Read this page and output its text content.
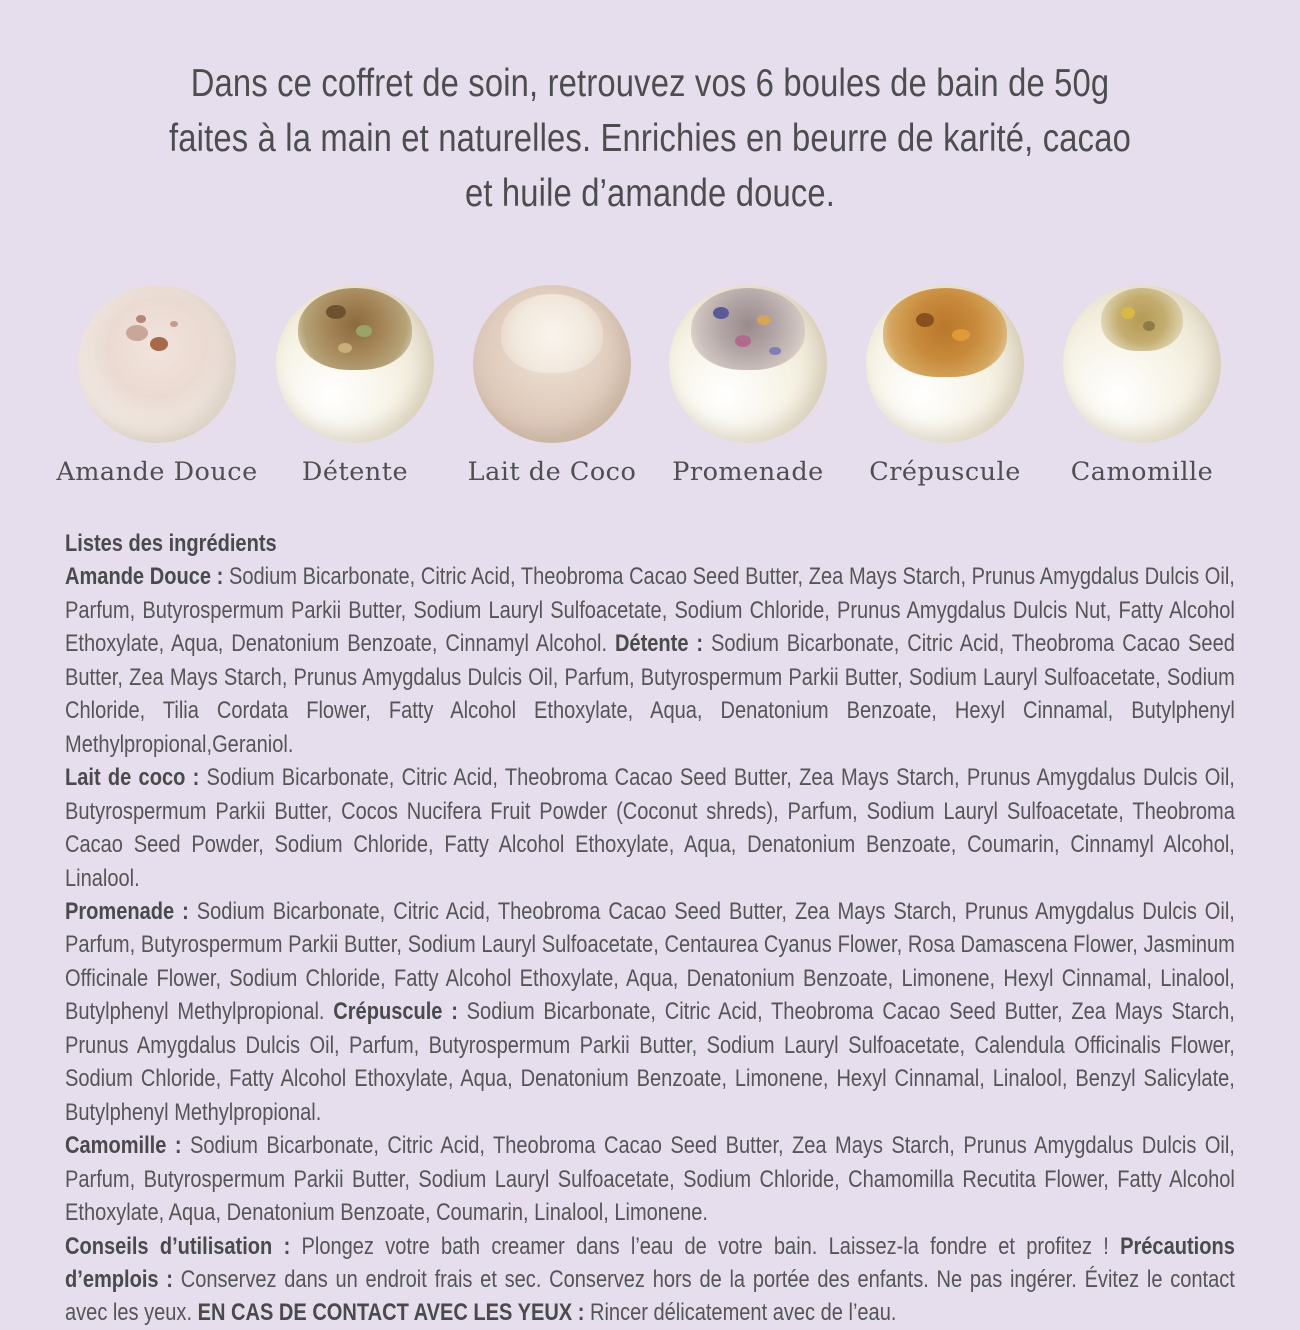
Dans ce coffret de soin, retrouvez vos 6 boules de bain de 50g
faites à la main et naturelles. Enrichies en beurre de karité, cacao
et huile d’amande douce.
Amande Douce	Détente	Lait de Coco	Promenade	Crépuscule	Camomille
Listes des ingrédients

Amande Douce : Sodium Bicarbonate, Citric Acid, Theobroma Cacao Seed Butter, Zea Mays Starch, Prunus Amygdalus Dulcis Oil, Parfum, Butyrospermum Parkii Butter, Sodium Lauryl Sulfoacetate, Sodium Chloride, Prunus Amygdalus Dulcis Nut, Fatty Alcohol Ethoxylate, Aqua, Denatonium Benzoate, Cinnamyl Alcohol. Détente : Sodium Bicarbonate, Citric Acid, Theobroma Cacao Seed Butter, Zea Mays Starch, Prunus Amygdalus Dulcis Oil, Parfum, Butyrospermum Parkii Butter, Sodium Lauryl Sulfoacetate, Sodium Chloride, Tilia Cordata Flower, Fatty Alcohol Ethoxylate, Aqua, Denatonium Benzoate, Hexyl Cinnamal, Butylphenyl Methylpropional,Geraniol.
Lait de coco : Sodium Bicarbonate, Citric Acid, Theobroma Cacao Seed Butter, Zea Mays Starch, Prunus Amygdalus Dulcis Oil, Butyrospermum Parkii Butter, Cocos Nucifera Fruit Powder (Coconut shreds), Parfum, Sodium Lauryl Sulfoacetate, Theobroma Cacao Seed Powder, Sodium Chloride, Fatty Alcohol Ethoxylate, Aqua, Denatonium Benzoate, Coumarin, Cinnamyl Alcohol, Linalool.
Promenade : Sodium Bicarbonate, Citric Acid, Theobroma Cacao Seed Butter, Zea Mays Starch, Prunus Amygdalus Dulcis Oil, Parfum, Butyrospermum Parkii Butter, Sodium Lauryl Sulfoacetate, Centaurea Cyanus Flower, Rosa Damascena Flower, Jasminum Officinale Flower, Sodium Chloride, Fatty Alcohol Ethoxylate, Aqua, Denatonium Benzoate, Limonene, Hexyl Cinnamal, Linalool, Butylphenyl Methylpropional. Crépuscule : Sodium Bicarbonate, Citric Acid, Theobroma Cacao Seed Butter, Zea Mays Starch, Prunus Amygdalus Dulcis Oil, Parfum, Butyrospermum Parkii Butter, Sodium Lauryl Sulfoacetate, Calendula Officinalis Flower, Sodium Chloride, Fatty Alcohol Ethoxylate, Aqua, Denatonium Benzoate, Limonene, Hexyl Cinnamal, Linalool, Benzyl Salicylate, Butylphenyl Methylpropional.
Camomille : Sodium Bicarbonate, Citric Acid, Theobroma Cacao Seed Butter, Zea Mays Starch, Prunus Amygdalus Dulcis Oil, Parfum, Butyrospermum Parkii Butter, Sodium Lauryl Sulfoacetate, Sodium Chloride, Chamomilla Recutita Flower, Fatty Alcohol Ethoxylate, Aqua, Denatonium Benzoate, Coumarin, Linalool, Limonene.

Conseils d’utilisation : Plongez votre bath creamer dans l’eau de votre bain. Laissez-la fondre et profitez ! Précautions d’emplois : Conservez dans un endroit frais et sec. Conservez hors de la portée des enfants. Ne pas ingérer. Évitez le contact avec les yeux. EN CAS DE CONTACT AVEC LES YEUX : Rincer délicatement avec de l’eau.
